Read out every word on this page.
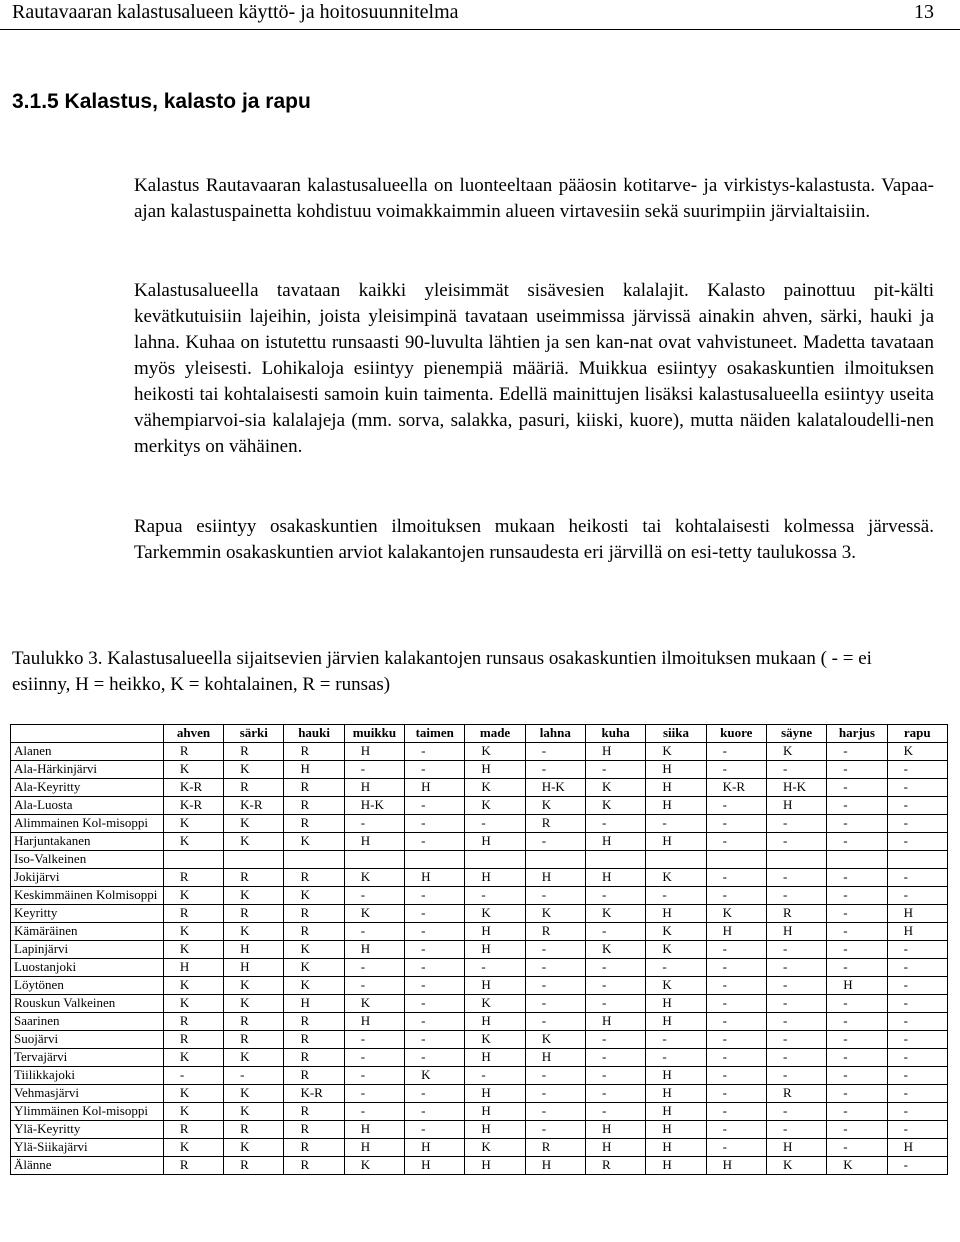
Rautavaaran kalastusalueen käyttö- ja hoitosuunnitelma	13
3.1.5 Kalastus, kalasto ja rapu

Kalastus Rautavaaran kalastusalueella on luonteeltaan pääosin kotitarve- ja virkistys-kalastusta. Vapaa-ajan kalastuspainetta kohdistuu voimakkaimmin alueen virtavesiin sekä suurimpiin järvialtaisiin.

Kalastusalueella tavataan kaikki yleisimmät sisävesien kalalajit. Kalasto painottuu pit-kälti kevätkutuisiin lajeihin, joista yleisimpinä tavataan useimmissa järvissä ainakin ahven, särki, hauki ja lahna. Kuhaa on istutettu runsaasti 90-luvulta lähtien ja sen kan-nat ovat vahvistuneet. Madetta tavataan myös yleisesti. Lohikaloja esiintyy pienempiä määriä. Muikkua esiintyy osakaskuntien ilmoituksen heikosti tai kohtalaisesti samoin kuin taimenta. Edellä mainittujen lisäksi kalastusalueella esiintyy useita vähempiarvoi-sia kalalajeja (mm. sorva, salakka, pasuri, kiiski, kuore), mutta näiden kalataloudelli-nen merkitys on vähäinen.

Rapua esiintyy osakaskuntien ilmoituksen mukaan heikosti tai kohtalaisesti kolmessa järvessä. Tarkemmin osakaskuntien arviot kalakantojen runsaudesta eri järvillä on esi-tetty taulukossa 3.

Taulukko 3. Kalastusalueella sijaitsevien järvien kalakantojen runsaus osakaskuntien ilmoituksen mukaan ( - = ei esiinny, H = heikko, K = kohtalainen, R = runsas)

	ahven	särki	hauki	muikku	taimen	made	lahna	kuha	siika	kuore	säyne	harjus	rapu
Alanen	R	R	R	H	-	K	-	H	K	-	K	-	K
Ala-Härkinjärvi	K	K	H	-	-	H	-	-	H	-	-	-	-
Ala-Keyritty	K-R	R	R	H	H	K	H-K	K	H	K-R	H-K	-	-
Ala-Luosta	K-R	K-R	R	H-K	-	K	K	K	H	-	H	-	-
Alimmainen Kol-misoppi	K	K	R	-	-	-	R	-	-	-	-	-	-
Harjuntakanen	K	K	K	H	-	H	-	H	H	-	-	-	-
Iso-Valkeinen													
Jokijärvi	R	R	R	K	H	H	H	H	K	-	-	-	-
Keskimmäinen Kolmisoppi	K	K	K	-	-	-	-	-	-	-	-	-	-
Keyritty	R	R	R	K	-	K	K	K	H	K	R	-	H
Kämäräinen	K	K	R	-	-	H	R	-	K	H	H	-	H
Lapinjärvi	K	H	K	H	-	H	-	K	K	-	-	-	-
Luostanjoki	H	H	K	-	-	-	-	-	-	-	-	-	-
Löytönen	K	K	K	-	-	H	-	-	K	-	-	H	-
Rouskun Valkeinen	K	K	H	K	-	K	-	-	H	-	-	-	-
Saarinen	R	R	R	H	-	H	-	H	H	-	-	-	-
Suojärvi	R	R	R	-	-	K	K	-	-	-	-	-	-
Tervajärvi	K	K	R	-	-	H	H	-	-	-	-	-	-
Tiilikkajoki	-	-	R	-	K	-	-	-	H	-	-	-	-
Vehmasjärvi	K	K	K-R	-	-	H	-	-	H	-	R	-	-
Ylimmäinen Kol-misoppi	K	K	R	-	-	H	-	-	H	-	-	-	-
Ylä-Keyritty	R	R	R	H	-	H	-	H	H	-	-	-	-
Ylä-Siikajärvi	K	K	R	H	H	K	R	H	H	-	H	-	H
Älänne	R	R	R	K	H	H	H	R	H	H	K	K	-
